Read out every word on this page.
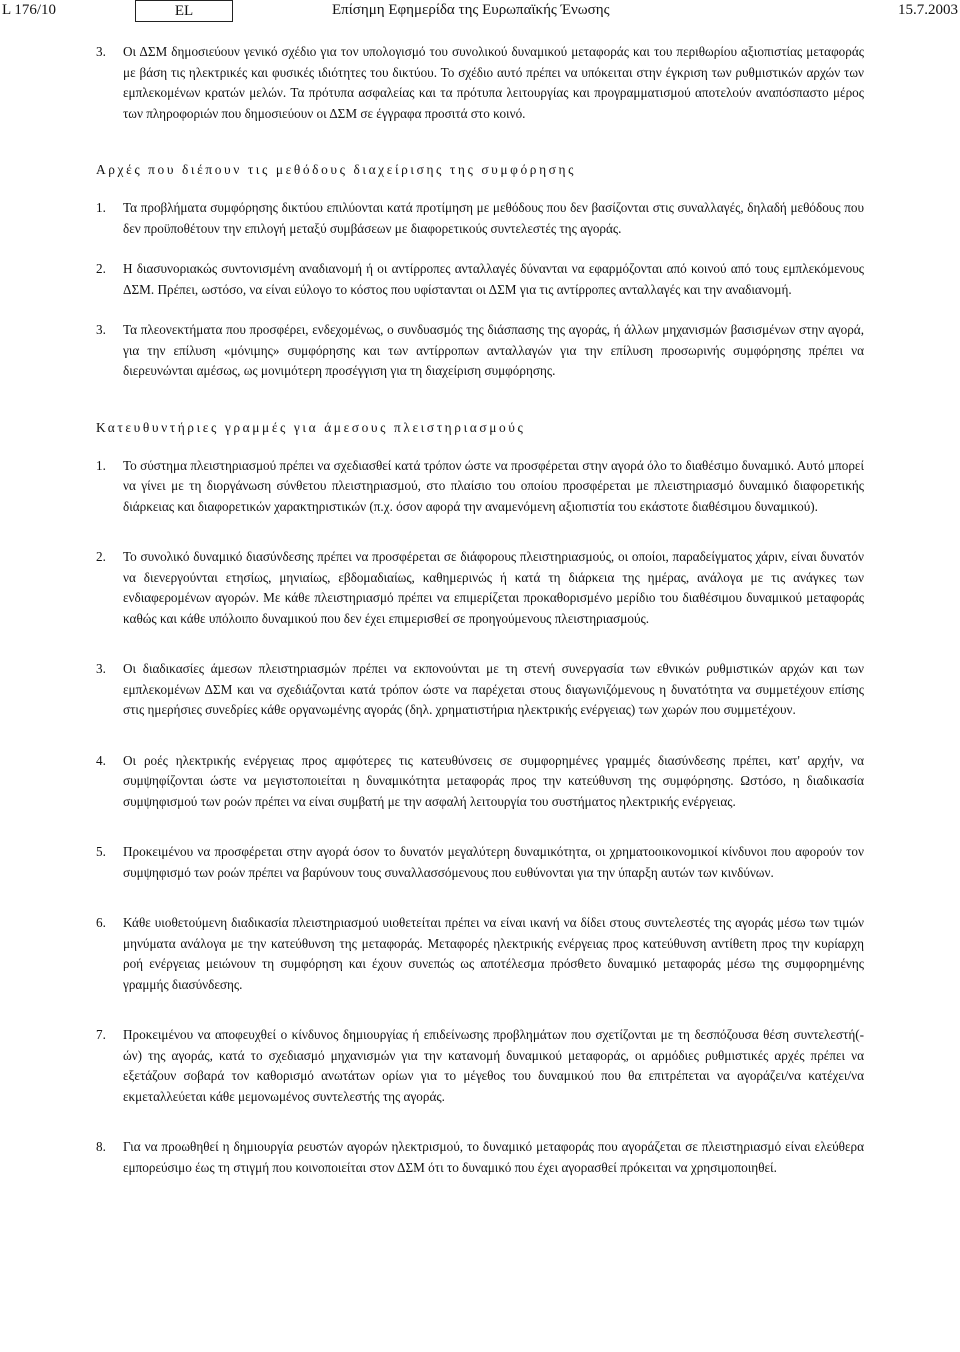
L 176/10	EL	Επίσημη Εφημερίδα της Ευρωπαϊκής Ένωσης	15.7.2003
3. Οι ΔΣΜ δημοσιεύουν γενικό σχέδιο για τον υπολογισμό του συνολικού δυναμικού μεταφοράς και του περιθωρίου αξιοπιστίας μεταφοράς με βάση τις ηλεκτρικές και φυσικές ιδιότητες του δικτύου. Το σχέδιο αυτό πρέπει να υπόκειται στην έγκριση των ρυθμιστικών αρχών των εμπλεκομένων κρατών μελών. Τα πρότυπα ασφαλείας και τα πρότυπα λειτουργίας και προγραμματισμού αποτελούν αναπόσπαστο μέρος των πληροφοριών που δημοσιεύουν οι ΔΣΜ σε έγγραφα προσιτά στο κοινό.
Αρχές που διέπουν τις μεθόδους διαχείρισης της συμφόρησης
1. Τα προβλήματα συμφόρησης δικτύου επιλύονται κατά προτίμηση με μεθόδους που δεν βασίζονται στις συναλλαγές, δηλαδή μεθόδους που δεν προϋποθέτουν την επιλογή μεταξύ συμβάσεων με διαφορετικούς συντελεστές της αγοράς.
2. Η διασυνοριακώς συντονισμένη αναδιανομή ή οι αντίρροπες ανταλλαγές δύνανται να εφαρμόζονται από κοινού από τους εμπλεκόμενους ΔΣΜ. Πρέπει, ωστόσο, να είναι εύλογο το κόστος που υφίστανται οι ΔΣΜ για τις αντίρροπες ανταλλαγές και την αναδιανομή.
3. Τα πλεονεκτήματα που προσφέρει, ενδεχομένως, ο συνδυασμός της διάσπασης της αγοράς, ή άλλων μηχανισμών βασισμένων στην αγορά, για την επίλυση «μόνιμης» συμφόρησης και των αντίρροπων ανταλλαγών για την επίλυση προσωρινής συμφόρησης πρέπει να διερευνώνται αμέσως, ως μονιμότερη προσέγγιση για τη διαχείριση συμφόρησης.
Κατευθυντήριες γραμμές για άμεσους πλειστηριασμούς
1. Το σύστημα πλειστηριασμού πρέπει να σχεδιασθεί κατά τρόπον ώστε να προσφέρεται στην αγορά όλο το διαθέσιμο δυναμικό. Αυτό μπορεί να γίνει με τη διοργάνωση σύνθετου πλειστηριασμού, στο πλαίσιο του οποίου προσφέρεται με πλειστηριασμό δυναμικό διαφορετικής διάρκειας και διαφορετικών χαρακτηριστικών (π.χ. όσον αφορά την αναμενόμενη αξιοπιστία του εκάστοτε διαθέσιμου δυναμικού).
2. Το συνολικό δυναμικό διασύνδεσης πρέπει να προσφέρεται σε διάφορους πλειστηριασμούς, οι οποίοι, παραδείγματος χάριν, είναι δυνατόν να διενεργούνται ετησίως, μηνιαίως, εβδομαδιαίως, καθημερινώς ή κατά τη διάρκεια της ημέρας, ανάλογα με τις ανάγκες των ενδιαφερομένων αγορών. Με κάθε πλειστηριασμό πρέπει να επιμερίζεται προκαθορισμένο μερίδιο του διαθέσιμου δυναμικού μεταφοράς καθώς και κάθε υπόλοιπο δυναμικού που δεν έχει επιμερισθεί σε προηγούμενους πλειστηριασμούς.
3. Οι διαδικασίες άμεσων πλειστηριασμών πρέπει να εκπονούνται με τη στενή συνεργασία των εθνικών ρυθμιστικών αρχών και των εμπλεκομένων ΔΣΜ και να σχεδιάζονται κατά τρόπον ώστε να παρέχεται στους διαγωνιζόμενους η δυνατότητα να συμμετέχουν επίσης στις ημερήσιες συνεδρίες κάθε οργανωμένης αγοράς (δηλ. χρηματιστήρια ηλεκτρικής ενέργειας) των χωρών που συμμετέχουν.
4. Οι ροές ηλεκτρικής ενέργειας προς αμφότερες τις κατευθύνσεις σε συμφορημένες γραμμές διασύνδεσης πρέπει, κατ' αρχήν, να συμψηφίζονται ώστε να μεγιστοποιείται η δυναμικότητα μεταφοράς προς την κατεύθυνση της συμφόρησης. Ωστόσο, η διαδικασία συμψηφισμού των ροών πρέπει να είναι συμβατή με την ασφαλή λειτουργία του συστήματος ηλεκτρικής ενέργειας.
5. Προκειμένου να προσφέρεται στην αγορά όσον το δυνατόν μεγαλύτερη δυναμικότητα, οι χρηματοοικονομικοί κίνδυνοι που αφορούν τον συμψηφισμό των ροών πρέπει να βαρύνουν τους συναλλασσόμενους που ευθύνονται για την ύπαρξη αυτών των κινδύνων.
6. Κάθε υιοθετούμενη διαδικασία πλειστηριασμού υιοθετείται πρέπει να είναι ικανή να δίδει στους συντελεστές της αγοράς μέσω των τιμών μηνύματα ανάλογα με την κατεύθυνση της μεταφοράς. Μεταφορές ηλεκτρικής ενέργειας προς κατεύθυνση αντίθετη προς την κυρίαρχη ροή ενέργειας μειώνουν τη συμφόρηση και έχουν συνεπώς ως αποτέλεσμα πρόσθετο δυναμικό μεταφοράς μέσω της συμφορημένης γραμμής διασύνδεσης.
7. Προκειμένου να αποφευχθεί ο κίνδυνος δημιουργίας ή επιδείνωσης προβλημάτων που σχετίζονται με τη δεσπόζουσα θέση συντελεστή(-ών) της αγοράς, κατά το σχεδιασμό μηχανισμών για την κατανομή δυναμικού μεταφοράς, οι αρμόδιες ρυθμιστικές αρχές πρέπει να εξετάζουν σοβαρά τον καθορισμό ανωτάτων ορίων για το μέγεθος του δυναμικού που θα επιτρέπεται να αγοράζει/να κατέχει/να εκμεταλλεύεται κάθε μεμονωμένος συντελεστής της αγοράς.
8. Για να προωθηθεί η δημιουργία ρευστών αγορών ηλεκτρισμού, το δυναμικό μεταφοράς που αγοράζεται σε πλειστηριασμό είναι ελεύθερα εμπορεύσιμο έως τη στιγμή που κοινοποιείται στον ΔΣΜ ότι το δυναμικό που έχει αγορασθεί πρόκειται να χρησιμοποιηθεί.
